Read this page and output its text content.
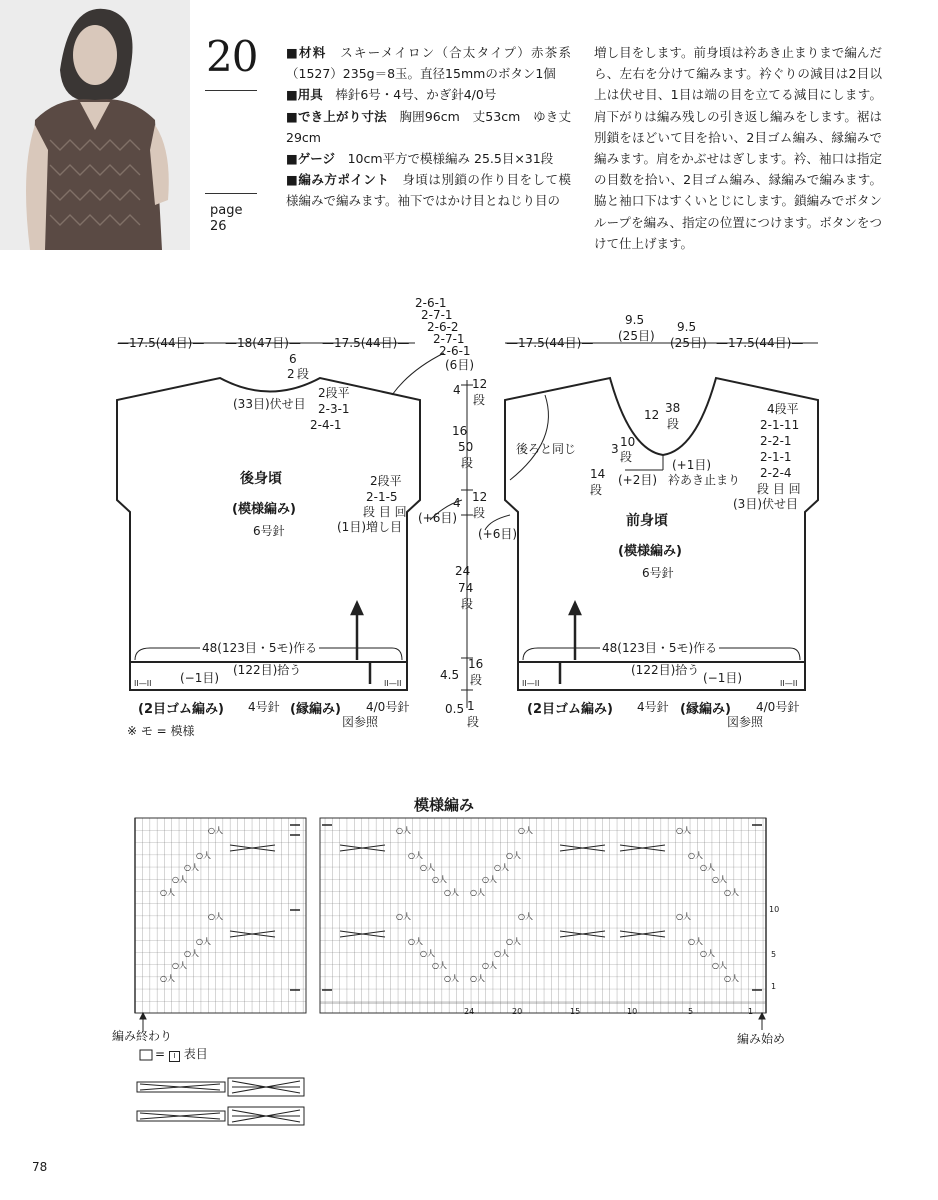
20
page
26

■材料　 スキーメイロン（合太タイプ）赤茶系（1527）235g＝8玉。直径15mmのボタン1個

■用具　 棒針6号・4号、かぎ針4/0号

■でき上がり寸法　 胸囲96cm　丈53cm　ゆき丈29cm

■ゲージ　 10cm平方で模様編み 25.5目×31段

■編み方ポイント　 身頃は別鎖の作り目をして模様編みで編みます。袖下ではかけ目とねじり目の

増し目をします。前身頃は衿あき止まりまで編んだら、左右を分けて編みます。衿ぐりの減目は2目以上は伏せ目、1目は端の目を立てる減目にします。肩下がりは編み残しの引き返し編みをします。裾は別鎖をほどいて目を拾い、2目ゴム編み、縁編みで編みます。肩をかぶせはぎします。衿、袖口は指定の目数を拾い、2目ゴム編み、縁編みで編みます。脇と袖口下はすくいとじにします。鎖編みでボタンループを編み、指定の位置につけます。ボタンをつけて仕上げます。

II—II	II—II	II—II	II—II
—17.5(44目)— —18(47目)— —17.5(44目)—
6
2 段
(33目)伏せ目
2段平
2-3-1
2-4-1
後身頃
(模様編み)
6号針
2段平
2-1-5
段 目 回
(1目)増し目
48(123目・5モ)作る
(122目)拾う
(−1目)
(2目ゴム編み) 4号針 (縁編み) 4/0号針
図参照
※ モ = 模様
2-6-1
2-7-1
2-6-2
2-7-1
2-6-1
(6目)
4 12
段
16
50
段
4 12
段
24
74
段
4.5
16
段
0.5 1
段
(+6目)
(+6目)
—17.5(44目)—
9.5
(25目)
9.5
(25目) —17.5(44目)—
後ろと同じ
12 38
段
3 10
段
14
段
(+1目)
(+2目) 衿あき止まり
4段平
2-1-11
2-2-1
2-1-1
2-2-4
段 目 回
(3目)伏せ目
前身頃
(模様編み)
6号針
48(123目・5モ)作る
(122目)拾う
(−1目)
(2目ゴム編み) 4号針 (縁編み) 4/0号針
図参照
模様編み
○人	○人	○人	○人
○人	○人	○人	○人
○人	○人	○人	○人
○人	○人	○人	○人
○人	○人 ○人	○人
○人	○人	○人	○人
○人	○人	○人	○人
○人	○人	○人	○人
○人	○人	○人	○人
○人	○人 ○人	○人
10
5
1
24	20	15	10	5	1
編み終わり	編み始め
= I 表目
78
